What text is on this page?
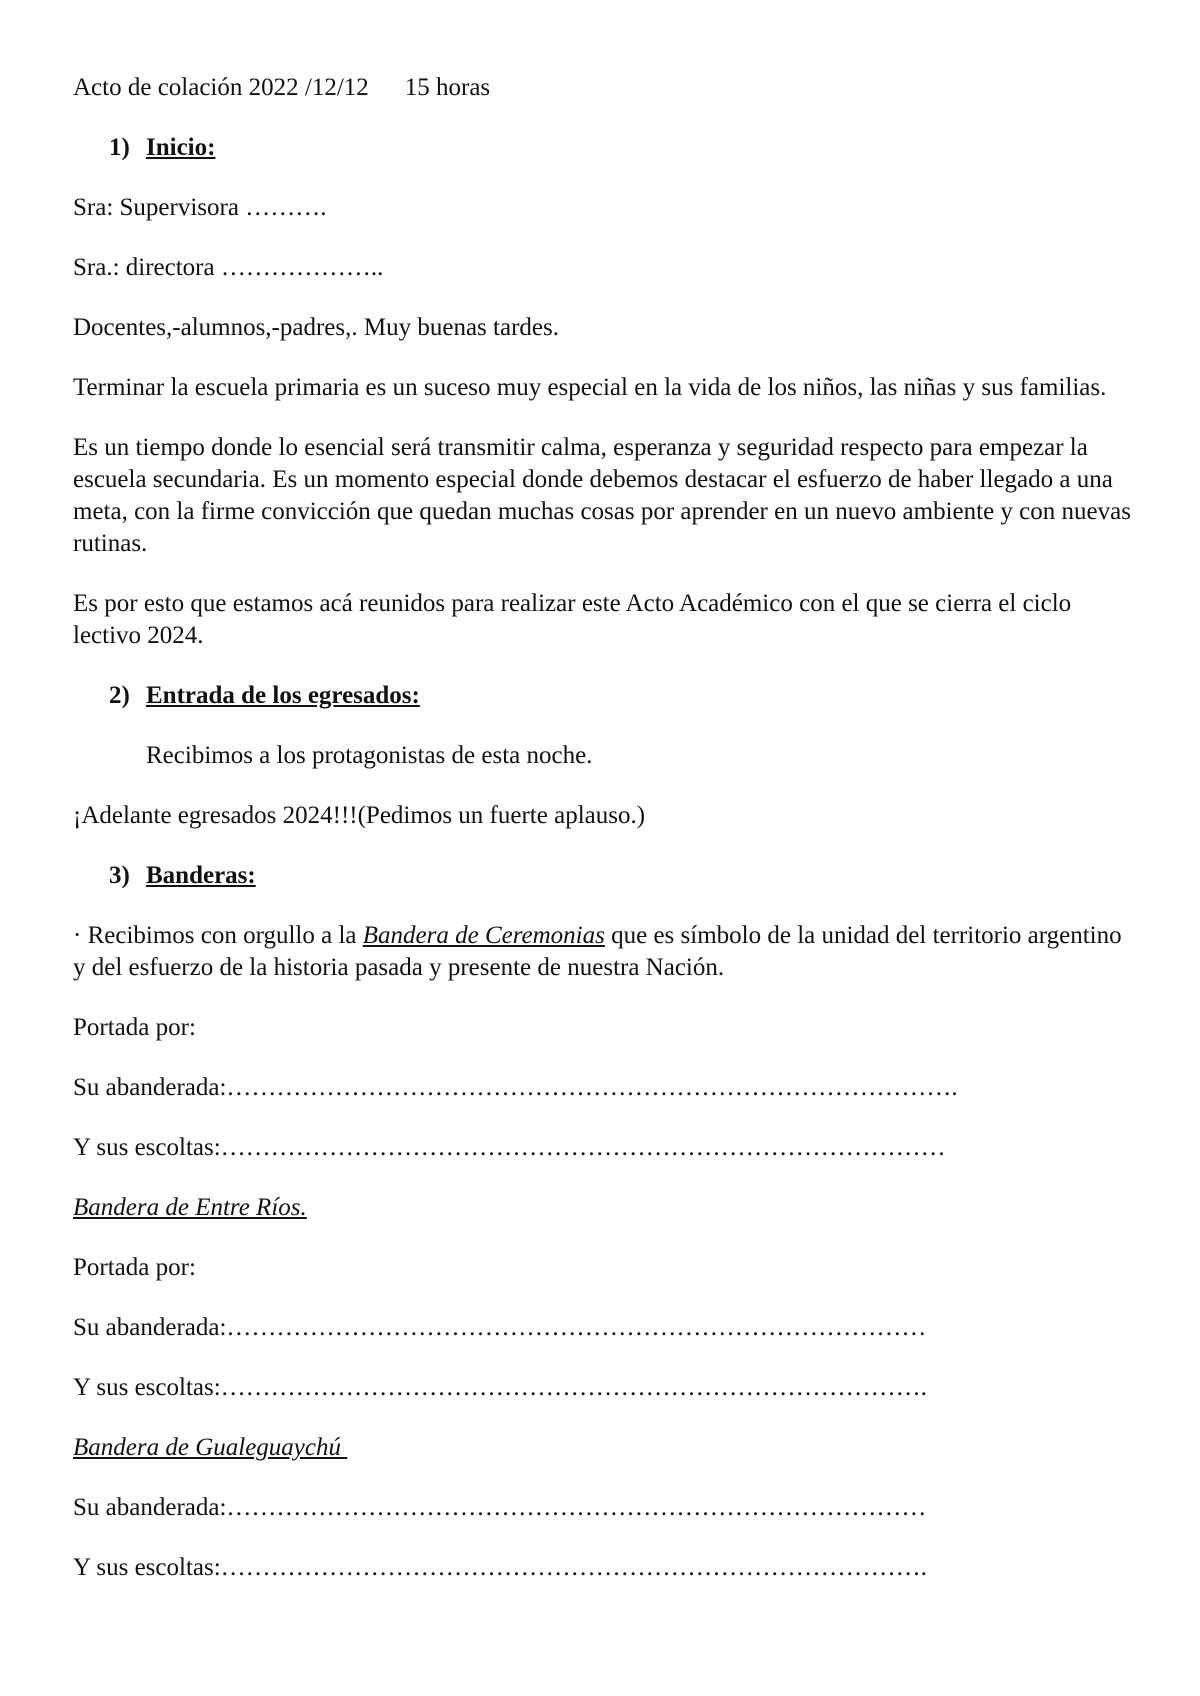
Acto de colación 2022 /12/12 15 horas

1) Inicio:

Sra: Supervisora ……….

Sra.: directora ………………..

Docentes,-alumnos,-padres,. Muy buenas tardes.

Terminar la escuela primaria es un suceso muy especial en la vida de los niños, las niñas y sus familias.

Es un tiempo donde lo esencial será transmitir calma, esperanza y seguridad respecto para empezar la escuela secundaria. Es un momento especial donde debemos destacar el esfuerzo de haber llegado a una meta, con la firme convicción que quedan muchas cosas por aprender en un nuevo ambiente y con nuevas rutinas.

Es por esto que estamos acá reunidos para realizar este Acto Académico con el que se cierra el ciclo lectivo 2024.

2) Entrada de los egresados:

Recibimos a los protagonistas de esta noche.

¡Adelante egresados 2024!!!(Pedimos un fuerte aplauso.)

3) Banderas:

· Recibimos con orgullo a la Bandera de Ceremonias que es símbolo de la unidad del territorio argentino y del esfuerzo de la historia pasada y presente de nuestra Nación.

Portada por:

Su abanderada:…………………………………………………………………………….

Y sus escoltas:……………………………………………………………………………

Bandera de Entre Ríos.

Portada por:

Su abanderada:…………………………………………………………………………

Y sus escoltas:………………………………………………………………………….

Bandera de Gualeguaychú

Su abanderada:…………………………………………………………………………

Y sus escoltas:………………………………………………………………………….
